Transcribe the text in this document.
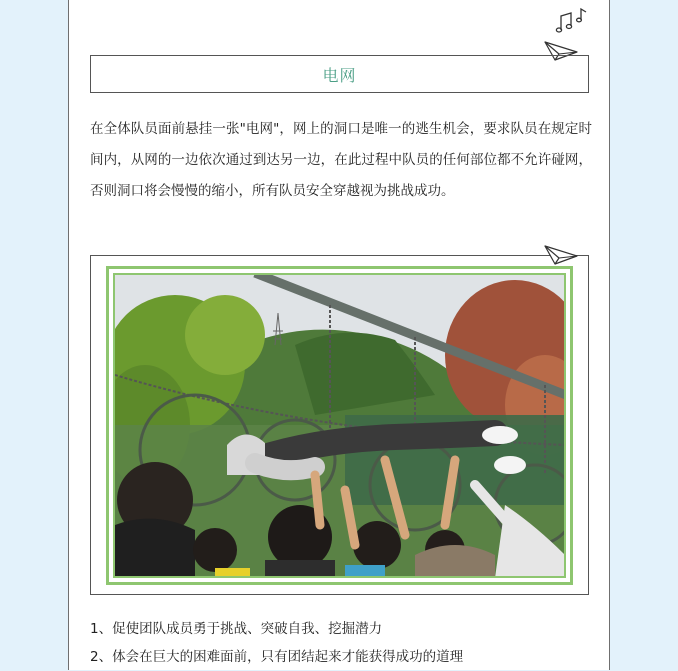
电网

在全体队员面前悬挂一张"电网"，网上的洞口是唯一的逃生机会，要求队员在规定时间内，从网的一边依次通过到达另一边，在此过程中队员的任何部位都不允许碰网，否则洞口将会慢慢的缩小，所有队员安全穿越视为挑战成功。

1、促使团队成员勇于挑战、突破自我、挖掘潜力
2、体会在巨大的困难面前，只有团结起来才能获得成功的道理
